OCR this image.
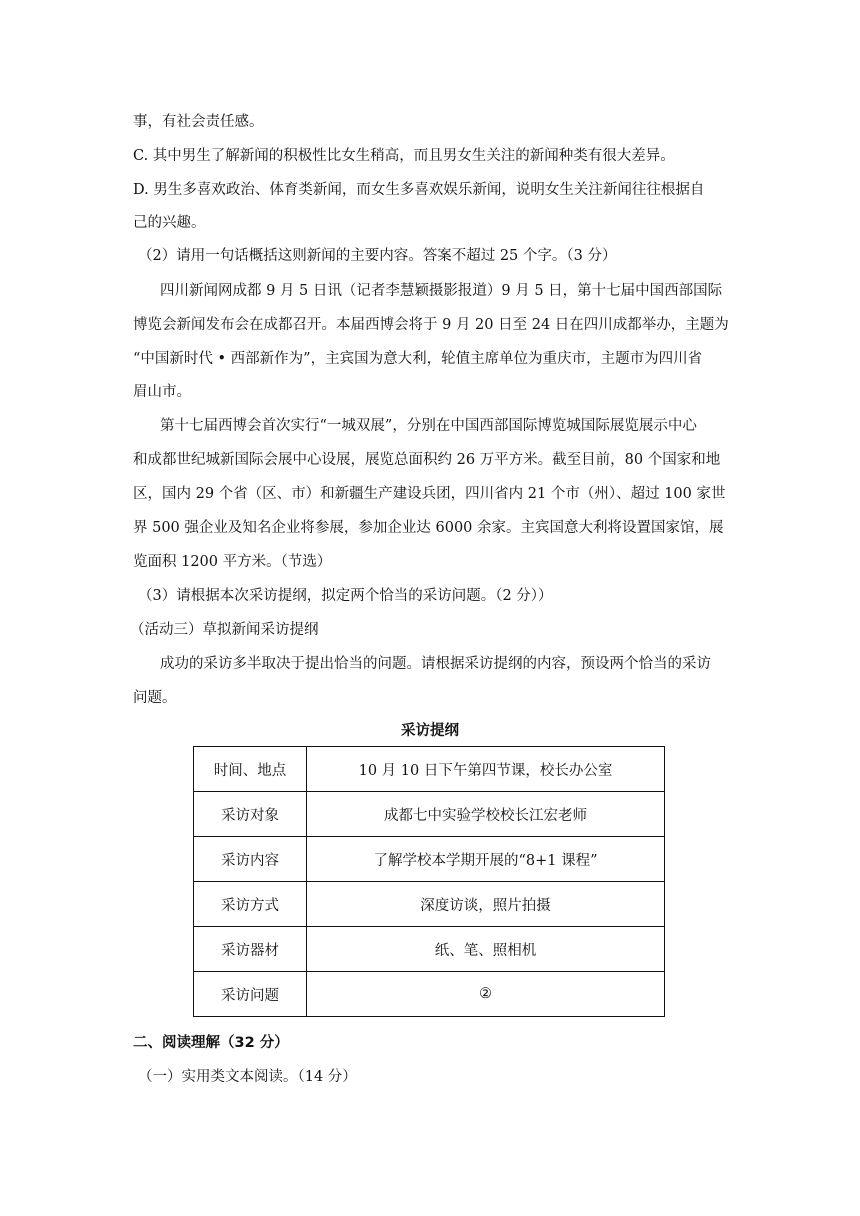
事，有社会责任感。
C. 其中男生了解新闻的积极性比女生稍高，而且男女生关注的新闻种类有很大差异。
D. 男生多喜欢政治、体育类新闻，而女生多喜欢娱乐新闻，说明女生关注新闻往往根据自
己的兴趣。
（2）请用一句话概括这则新闻的主要内容。答案不超过 25 个字。（3 分）
四川新闻网成都 9 月 5 日讯（记者李慧颖摄影报道）9 月 5 日，第十七届中国西部国际
博览会新闻发布会在成都召开。本届西博会将于 9 月 20 日至 24 日在四川成都举办，主题为
“中国新时代 • 西部新作为”，主宾国为意大利，轮值主席单位为重庆市，主题市为四川省
眉山市。
第十七届西博会首次实行“一城双展”，分别在中国西部国际博览城国际展览展示中心
和成都世纪城新国际会展中心设展，展览总面积约 26 万平方米。截至目前，80 个国家和地
区，国内 29 个省（区、市）和新疆生产建设兵团，四川省内 21 个市（州）、超过 100 家世
界 500 强企业及知名企业将参展，参加企业达 6000 余家。主宾国意大利将设置国家馆，展
览面积 1200 平方米。（节选）
（3）请根据本次采访提纲，拟定两个恰当的采访问题。（2 分））
（活动三）草拟新闻采访提纲
成功的采访多半取决于提出恰当的问题。请根据采访提纲的内容，预设两个恰当的采访
问题。
采访提纲
时间、地点	10 月 10 日下午第四节课，校长办公室
采访对象	成都七中实验学校校长江宏老师
采访内容	了解学校本学期开展的“8+1 课程”
采访方式	深度访谈，照片拍摄
采访器材	纸、笔、照相机
采访问题	②
二、阅读理解（32 分）
（一）实用类文本阅读。（14 分）
